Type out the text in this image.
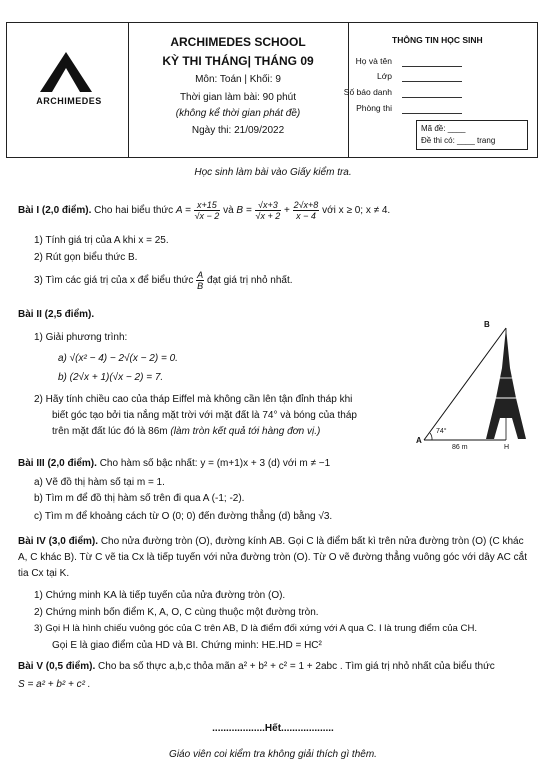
ARCHIMEDES
ARCHIMEDES SCHOOL
KỲ THI THÁNG| THÁNG 09
Môn: Toán | Khối: 9
Thời gian làm bài: 90 phút
(không kể thời gian phát đề)
Ngày thi: 21/09/2022
THÔNG TIN HỌC SINH
Họ và tên
Lớp
Số báo danh
Phòng thi
Mã đề: ____
Đề thi có: ____ trang
Học sinh làm bài vào Giấy kiểm tra.
Bài I (2,0 điểm). Cho hai biểu thức $A = \frac{x+15}{√x - 2}$ và $B = \frac{√x+3}{√x + 2} + \frac{2√x+8}{x - 4}$ với x ≥ 0; x ≠ 4.
1) Tính giá trị của A khi x = 25.
2) Rút gọn biểu thức B.
3) Tìm các giá trị của x để biểu thức $\frac{A}{B}$ đạt giá trị nhỏ nhất.
Bài II (2,5 điểm).
1) Giải phương trình:
a) √(x² − 4) − 2√(x − 2) = 0.
b) (2√x + 1)(√x − 2) = 7.
2) Hãy tính chiều cao của tháp Eiffel mà không cần lên tận đỉnh tháp khi
biết góc tạo bởi tia nắng mặt trời với mặt đất là 74° và bóng của tháp
trên mặt đất lúc đó là 86m (làm tròn kết quả tới hàng đơn vị.)
B
A
H
74°
86 m
Bài III (2,0 điểm). Cho hàm số bậc nhất: y = (m+1)x + 3 (d) với m ≠ −1
a) Vẽ đồ thị hàm số tại m = 1.
b) Tìm m để đồ thị hàm số trên đi qua A (-1; -2).
c) Tìm m để khoảng cách từ O (0; 0) đến đường thẳng (d) bằng √3.
Bài IV (3,0 điểm). Cho nửa đường tròn (O), đường kính AB. Gọi C là điểm bất kì trên nửa đường tròn (O) (C khác A, C khác B). Từ C vẽ tia Cx là tiếp tuyến với nửa đường tròn (O). Từ O vẽ đường thẳng vuông góc với dây AC cắt tia Cx tại K.
1) Chứng minh KA là tiếp tuyến của nửa đường tròn (O).
2) Chứng minh bốn điểm K, A, O, C cùng thuộc một đường tròn.
3) Gọi H là hình chiếu vuông góc của C trên AB, D là điểm đối xứng với A qua C. I là trung điểm của CH.
Gọi E là giao điểm của HD và BI. Chứng minh: HE.HD = HC²
Bài V (0,5 điểm). Cho ba số thực a,b,c thỏa mãn a² + b² + c² = 1 + 2abc . Tìm giá trị nhỏ nhất của biểu thức
S = a² + b² + c² .
...................Hết...................
Giáo viên coi kiểm tra không giải thích gì thêm.
